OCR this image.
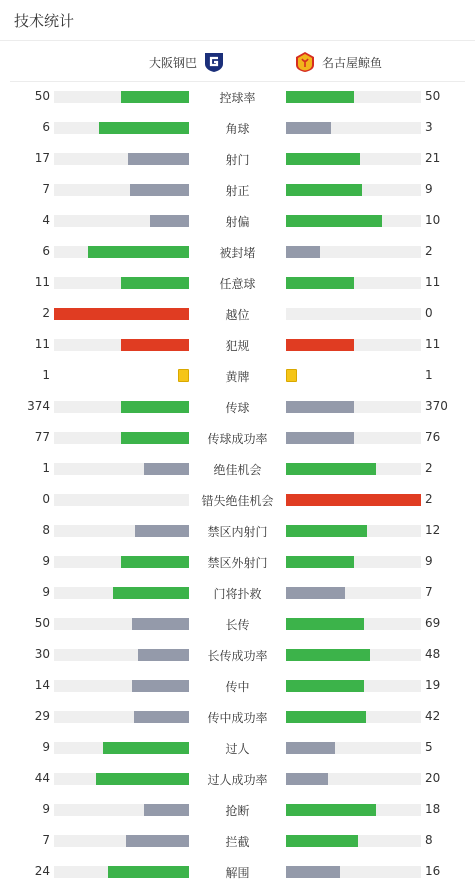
技术统计
大阪钢巴	名古屋鲸鱼
50	控球率	50
6	角球	3
17	射门	21
7	射正	9
4	射偏	10
6	被封堵	2
11	任意球	11
2	越位	0
11	犯规	11
1	黄牌	1
374	传球	370
77	传球成功率	76
1	绝佳机会	2
0	错失绝佳机会	2
8	禁区内射门	12
9	禁区外射门	9
9	门将扑救	7
50	长传	69
30	长传成功率	48
14	传中	19
29	传中成功率	42
9	过人	5
44	过人成功率	20
9	抢断	18
7	拦截	8
24	解围	16
